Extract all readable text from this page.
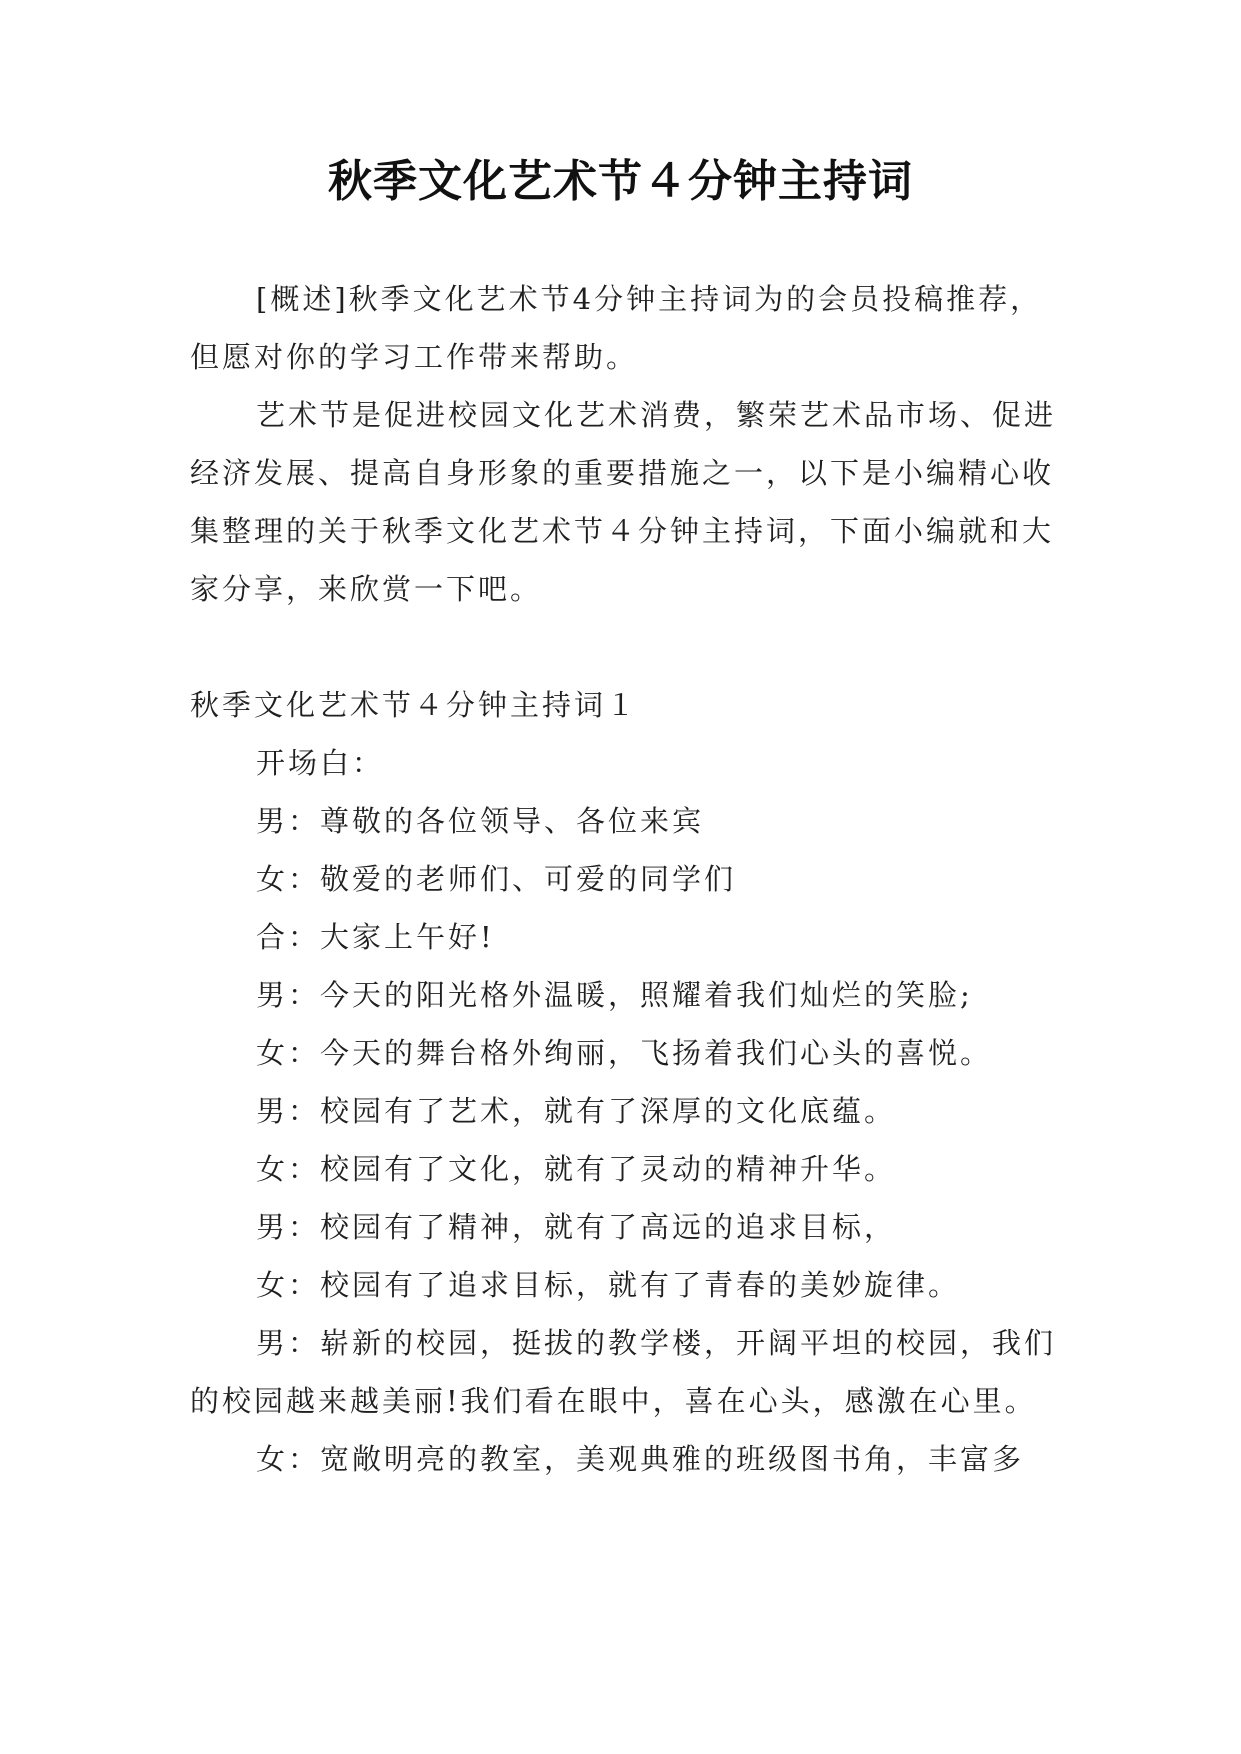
秋季文化艺术节４分钟主持词

[概述]秋季文化艺术节4分钟主持词为的会员投稿推荐，但愿对你的学习工作带来帮助。

艺术节是促进校园文化艺术消费，繁荣艺术品市场、促进经济发展、提高自身形象的重要措施之一，以下是小编精心收集整理的关于秋季文化艺术节４分钟主持词，下面小编就和大家分享，来欣赏一下吧。

秋季文化艺术节４分钟主持词１

开场白：

男：尊敬的各位领导、各位来宾

女：敬爱的老师们、可爱的同学们

合：大家上午好!

男：今天的阳光格外温暖，照耀着我们灿烂的笑脸;

女：今天的舞台格外绚丽，飞扬着我们心头的喜悦。

男：校园有了艺术，就有了深厚的文化底蕴。

女：校园有了文化，就有了灵动的精神升华。

男：校园有了精神，就有了高远的追求目标，

女：校园有了追求目标，就有了青春的美妙旋律。

男：崭新的校园，挺拔的教学楼，开阔平坦的校园，我们的校园越来越美丽!我们看在眼中，喜在心头，感激在心里。

女：宽敞明亮的教室，美观典雅的班级图书角，丰富多
